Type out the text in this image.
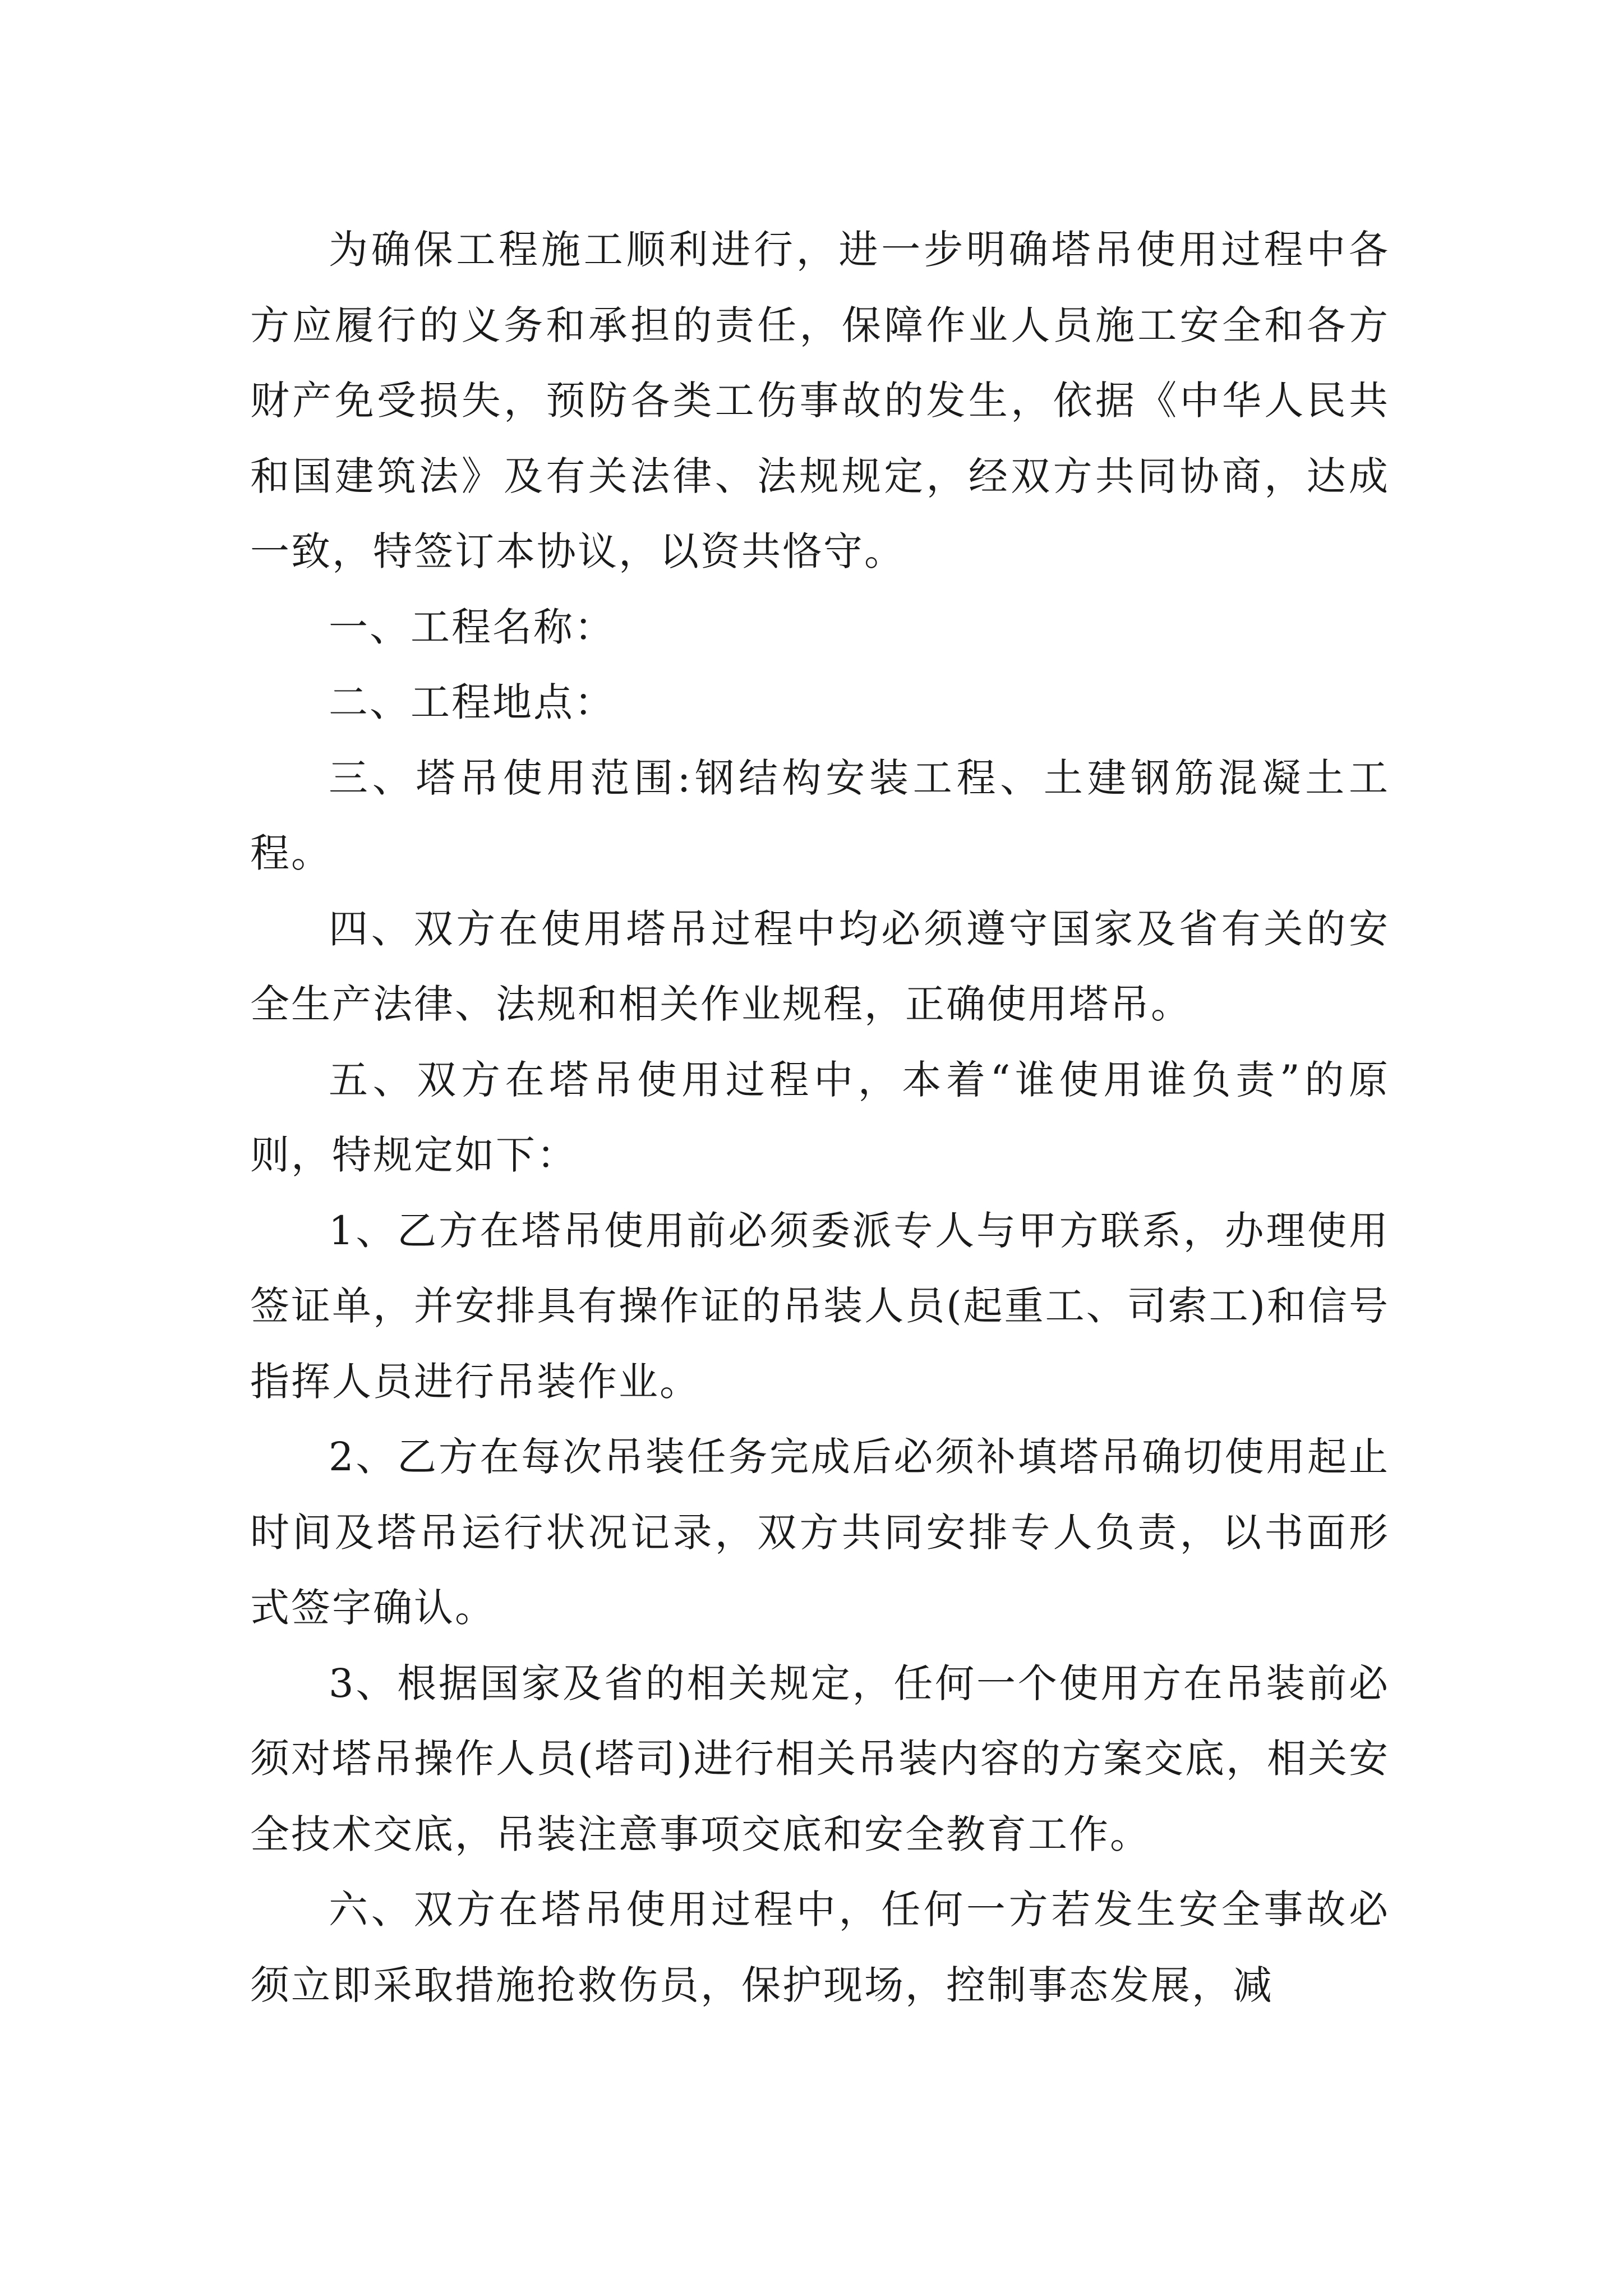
为确保工程施工顺利进行，进一步明确塔吊使用过程中各方应履行的义务和承担的责任，保障作业人员施工安全和各方财产免受损失，预防各类工伤事故的发生，依据《中华人民共和国建筑法》及有关法律、法规规定，经双方共同协商，达成一致，特签订本协议，以资共恪守。

一、工程名称：

二、工程地点：

三、塔吊使用范围:钢结构安装工程、土建钢筋混凝土工程。

四、双方在使用塔吊过程中均必须遵守国家及省有关的安全生产法律、法规和相关作业规程，正确使用塔吊。

五、双方在塔吊使用过程中，本着“谁使用谁负责”的原则，特规定如下：

1、乙方在塔吊使用前必须委派专人与甲方联系，办理使用签证单，并安排具有操作证的吊装人员(起重工、司索工)和信号指挥人员进行吊装作业。

2、乙方在每次吊装任务完成后必须补填塔吊确切使用起止时间及塔吊运行状况记录，双方共同安排专人负责，以书面形式签字确认。

3、根据国家及省的相关规定，任何一个使用方在吊装前必须对塔吊操作人员(塔司)进行相关吊装内容的方案交底，相关安全技术交底，吊装注意事项交底和安全教育工作。

六、双方在塔吊使用过程中，任何一方若发生安全事故必须立即采取措施抢救伤员，保护现场，控制事态发展，减
